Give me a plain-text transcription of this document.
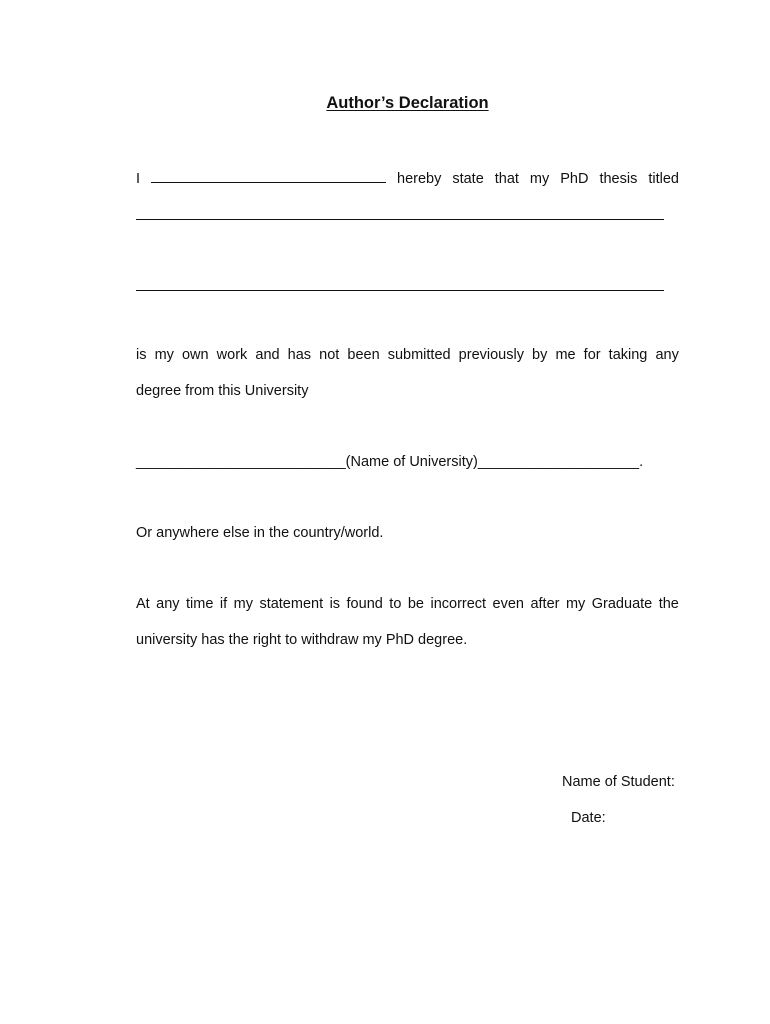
Author’s Declaration
I	hereby state that my PhD thesis titled
is my own work and has not been submitted previously by me for taking any
degree from this University
__________________________(Name of University)____________________.
Or anywhere else in the country/world.
At any time if my statement is found to be incorrect even after my Graduate the
university has the right to withdraw my PhD degree.
Name of Student:
Date:
